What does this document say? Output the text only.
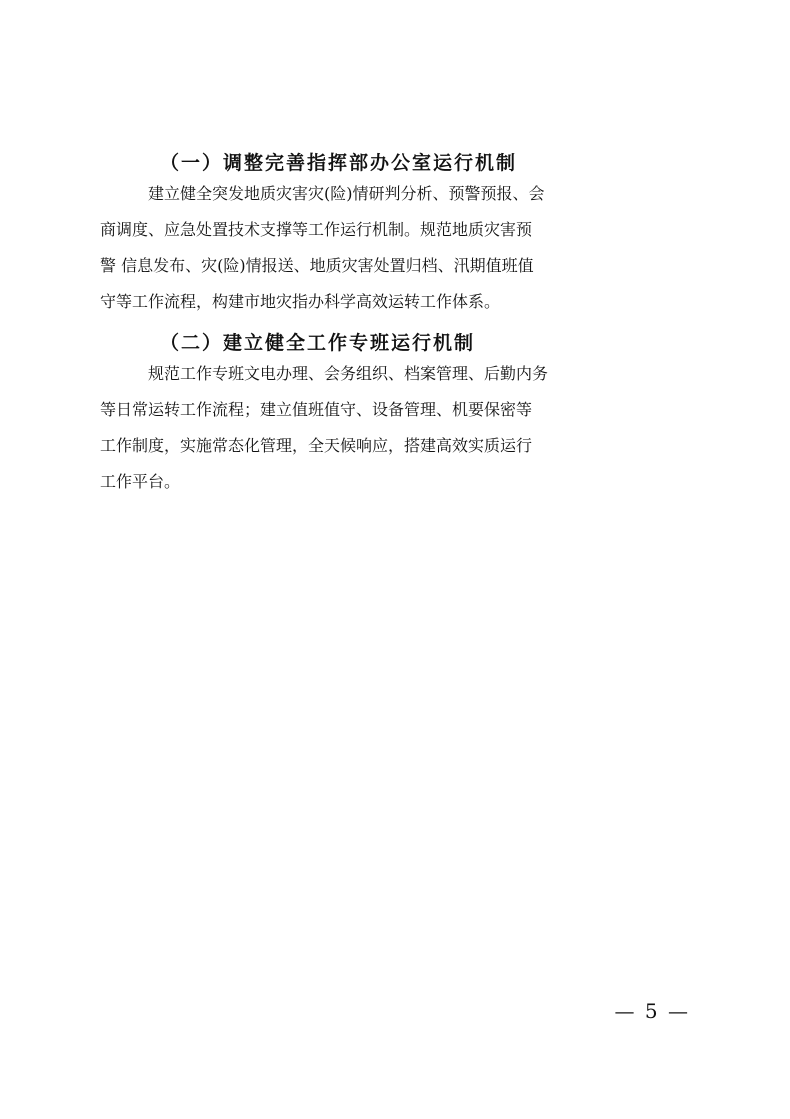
（一）调整完善指挥部办公室运行机制
建立健全突发地质灾害灾(险)情研判分析、预警预报、会
商调度、应急处置技术支撑等工作运行机制。规范地质灾害预
警 信息发布、灾(险)情报送、地质灾害处置归档、汛期值班值
守等工作流程，构建市地灾指办科学高效运转工作体系。
（二）建立健全工作专班运行机制
规范工作专班文电办理、会务组织、档案管理、后勤内务
等日常运转工作流程；建立值班值守、设备管理、机要保密等
工作制度，实施常态化管理，全天候响应，搭建高效实质运行
工作平台。
— 5 —
